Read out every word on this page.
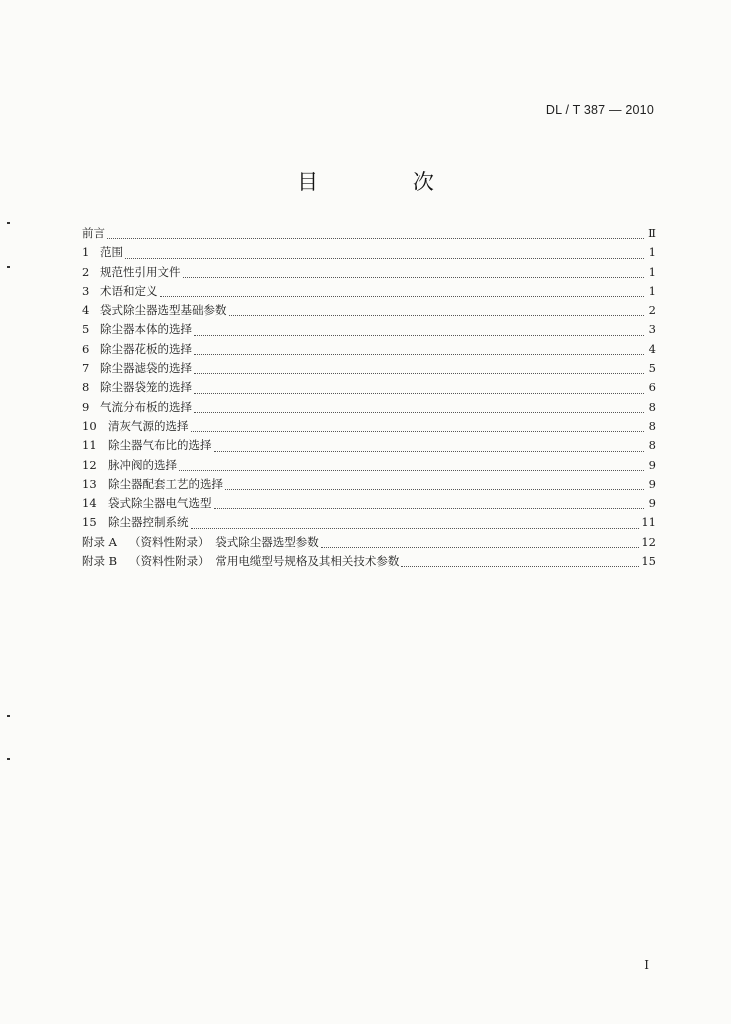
DL / T 387 — 2010
目 次
前言	Ⅱ
1 范围	1
2 规范性引用文件	1
3 术语和定义	1
4 袋式除尘器选型基础参数	2
5 除尘器本体的选择	3
6 除尘器花板的选择	4
7 除尘器滤袋的选择	5
8 除尘器袋笼的选择	6
9 气流分布板的选择	8
10 清灰气源的选择	8
11 除尘器气布比的选择	8
12 脉冲阀的选择	9
13 除尘器配套工艺的选择	9
14 袋式除尘器电气选型	9
15 除尘器控制系统	11
附录 A （资料性附录）　袋式除尘器选型参数	12
附录 B （资料性附录）　常用电缆型号规格及其相关技术参数	15
I
